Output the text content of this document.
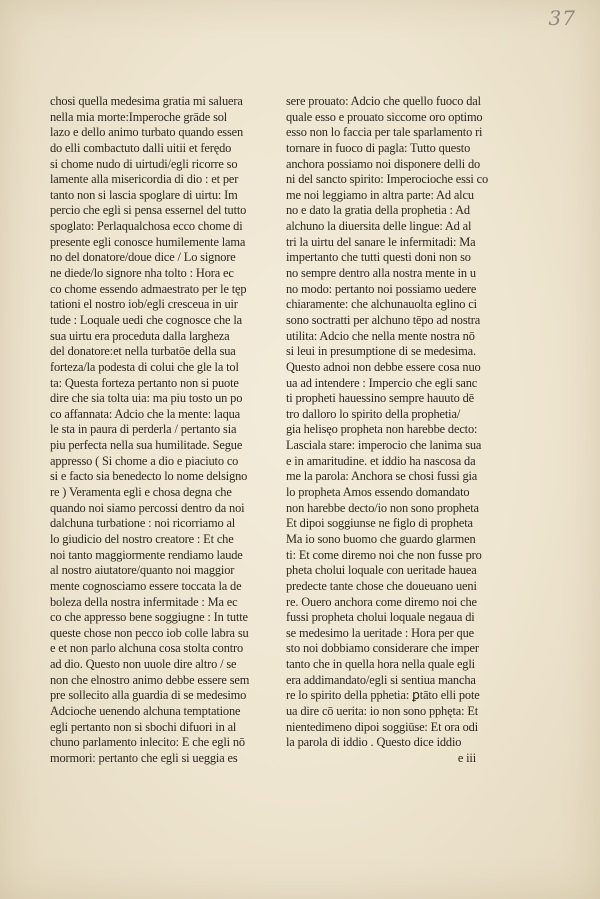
37
chosi quella medesima gratia mi saluera
nella mia morte:Imperoche grāde sol
lazo e dello animo turbato quando essen
do elli combactuto dalli uitii et ferędo
si chome nudo di uirtudi/egli ricorre so
lamente alla misericordia di dio : et per
tanto non si lascia spoglare di uirtu: Im
percio che egli si pensa essernel del tutto
spoglato: Perlaqualchosa ecco chome di
presente egli conosce humilemente lama
no del donatore/doue dice / Lo signore
ne diede/lo signore nha tolto : Hora ec
co chome essendo admaestrato per le tęp
tationi el nostro iob/egli cresceua in uir
tude : Loquale uedi che cognosce che la
sua uirtu era proceduta dalla largheza
del donatore:et nella turbatōe della sua
forteza/la podesta di colui che gle la tol
ta: Questa forteza pertanto non si puote
dire che sia tolta uia: ma piu tosto un po
co affannata: Adcio che la mente: laqua
le sta in paura di perderla / pertanto sia
piu perfecta nella sua humilitade. Segue
appresso ( Si chome a dio e piaciuto co
si e facto sia benedecto lo nome delsigno
re ) Veramenta egli e chosa degna che
quando noi siamo percossi dentro da noi
dalchuna turbatione : noi ricorriamo al
lo giudicio del nostro creatore : Et che
noi tanto maggiormente rendiamo laude
al nostro aiutatore/quanto noi maggior
mente cognosciamo essere toccata la de
boleza della nostra infermitade : Ma ec
co che appresso bene soggiugne : In tutte
queste chose non pecco iob colle labra su
e et non parlo alchuna cosa stolta contro
ad dio. Questo non uuole dire altro / se
non che elnostro animo debbe essere sem
pre sollecito alla guardia di se medesimo
Adcioche uenendo alchuna temptatione
egli pertanto non si sbochi difuori in al
chuno parlamento inlecito: E che egli nō
mormori: pertanto che egli si ueggia es
sere prouato: Adcio che quello fuoco dal
quale esso e prouato siccome oro optimo
esso non lo faccia per tale sparlamento ri
tornare in fuoco di pagla: Tutto questo
anchora possiamo noi disponere delli do
ni del sancto spirito: Imperocioche essi co
me noi leggiamo in altra parte: Ad alcu
no e dato la gratia della prophetia : Ad
alchuno la diuersita delle lingue: Ad al
tri la uirtu del sanare le infermitadi: Ma
impertanto che tutti questi doni non so
no sempre dentro alla nostra mente in u
no modo: pertanto noi possiamo uedere
chiaramente: che alchunauolta eglino ci
sono soctratti per alchuno tēpo ad nostra
utilita: Adcio che nella mente nostra nō
si leui in presumptione di se medesima.
Questo adnoi non debbe essere cosa nuo
ua ad intendere : Impercio che egli sanc
ti propheti hauessino sempre hauuto dē
tro dalloro lo spirito della prophetia/
gia helisęo propheta non harebbe decto:
Lasciala stare: imperocio che lanima sua
e in amaritudine. et iddio ha nascosa da
me la parola: Anchora se chosi fussi gia
lo propheta Amos essendo domandato
non harebbe decto/io non sono propheta
Et dipoi soggiunse ne figlo di propheta
Ma io sono buomo che guardo glarmen
ti: Et come diremo noi che non fusse pro
pheta cholui loquale con ueritade hauea
predecte tante chose che doueuano ueni
re. Ouero anchora come diremo noi che
fussi propheta cholui loquale negaua di
se medesimo la ueritade : Hora per que
sto noi dobbiamo considerare che imper
tanto che in quella hora nella quale egli
era addimandato/egli si sentiua mancha
re lo spirito della pphetia: ꝑtāto elli pote
ua dire cō uerita: io non sono pphęta: Et
nientedimeno dipoi soggiūse: Et ora odi
la parola di iddio . Questo dice iddio
e iii
